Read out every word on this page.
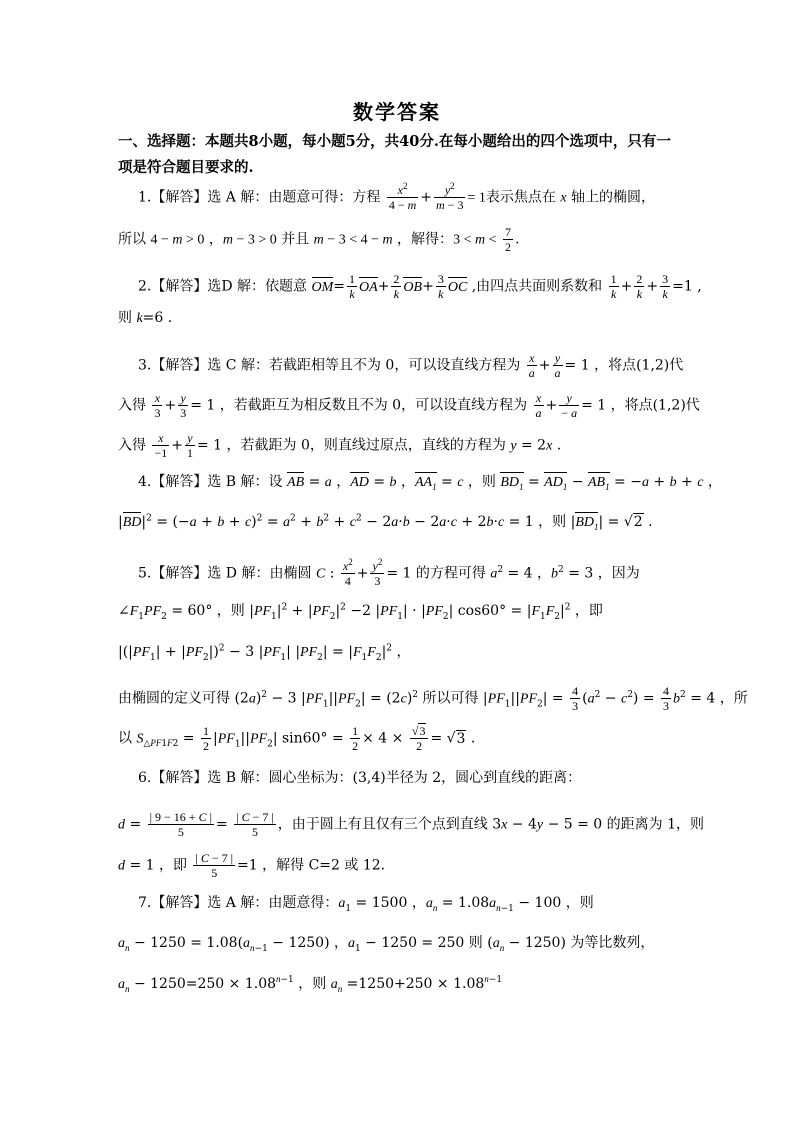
数学答案
一、选择题：本题共8小题，每小题5分，共40分.在每小题给出的四个选项中，只有一项是符合题目要求的.
1.【解答】选 A 解：由题意可得：方程 $\frac{x^2}{4 - m} + \frac{y^2}{m - 3} = 1$表示焦点在 x 轴上的椭圆，
所以 4 − m > 0 ，m − 3 > 0 并且 m − 3 < 4 − m ，解得：$3 < m < \frac{7}{2}$ .
2.【解答】选D 解：依题意 $OM= \frac{1}{k} OA+ \frac{2}{k} OB+ \frac{3}{k}$ OC ,由四点共面则系数和 $\frac{1}{k} + \frac{2}{k} + \frac{3}{k} =1$ ,
则 k=6 .
3.【解答】选 C 解：若截距相等且不为 0，可以设直线方程为 $\frac{x}{a} + \frac{y}{a} = 1$ ，将点(1,2)代
入得 $\frac{x}{3} + \frac{y}{3} = 1$ ，若截距互为相反数且不为 0，可以设直线方程为 $\frac{x}{a} + \frac{y}{- a} = 1$ ，将点(1,2)代
入得 $\frac{x}{-1} + \frac{y}{1} = 1$ ，若截距为 0，则直线过原点，直线的方程为 y = 2x .
4.【解答】选 B 解：设 AB = a ，AD = b ，$AA_1 = c$ ，则 $BD_1 = AD_1 - AB_1 = -a + b + c$ ，
$|BD|^2 = (-a + b + c)^2 = a^2 + b^2 + c^2 - 2a\cdot b - 2a\cdot c + 2b\cdot c = 1$ ，则 $|BD_1| = √2$ .
5.【解答】选 D 解：由椭圆 C : $\frac{x^2}{4} + \frac{y^2}{3} = 1$ 的方程可得 $a^2 = 4$ ，$b^2 = 3$ ，因为
$\angle F_1PF_2 = 60^\circ$ ，则 $|PF_1|^2 + |PF_2|^2 -2$ $|PF_1| \cdot |PF_2|$ $\cos 60^\circ = |F_1F_2|^2$ ，即
$|(|PF_1| + |PF_2|)^2 - 3$ $|PF_1|$ $|PF_2| = |F_1F_2|^2$ ，
由椭圆的定义可得 $(2a)^2 - 3$ $|PF_1||PF_2| = (2c)^2$ 所以可得 $|PF_1||PF_2| = \frac{4}{3} (a^2 - c^2) = \frac{4}{3} b^2 = 4$ ，所
以 $S_{\triangle PF1F2} = \frac{1}{2} |PF_1||PF_2|$ $\sin 60^\circ = \frac{1}{2} \times 4 \times \frac{√3}{2} = √3$ .
6.【解答】选 B 解：圆心坐标为：(3,4)半径为 2，圆心到直线的距离：
$d = \frac{| 9 - 16 + C |}{5} = \frac{| C - 7 |}{5}$ ，由于圆上有且仅有三个点到直线 3x − 4y − 5 = 0 的距离为 1，则
d = 1 ，即 $\frac{| C - 7 |}{5} =1$ ，解得 C=2 或 12.
7.【解答】选 A 解：由题意得：$a_1 = 1500$ ，$a_n = 1.08a_{n-1} - 100$ ，则
$a_n - 1250 = 1.08(a_{n-1} - 1250)$ ，$a_1 - 1250 = 250$ 则 $(a_n - 1250)$ 为等比数列，
$a_n - 1250=250 \times 1.08^{n-1}$ ，则 $a_n =1250+250 \times 1.08^{n-1}$
